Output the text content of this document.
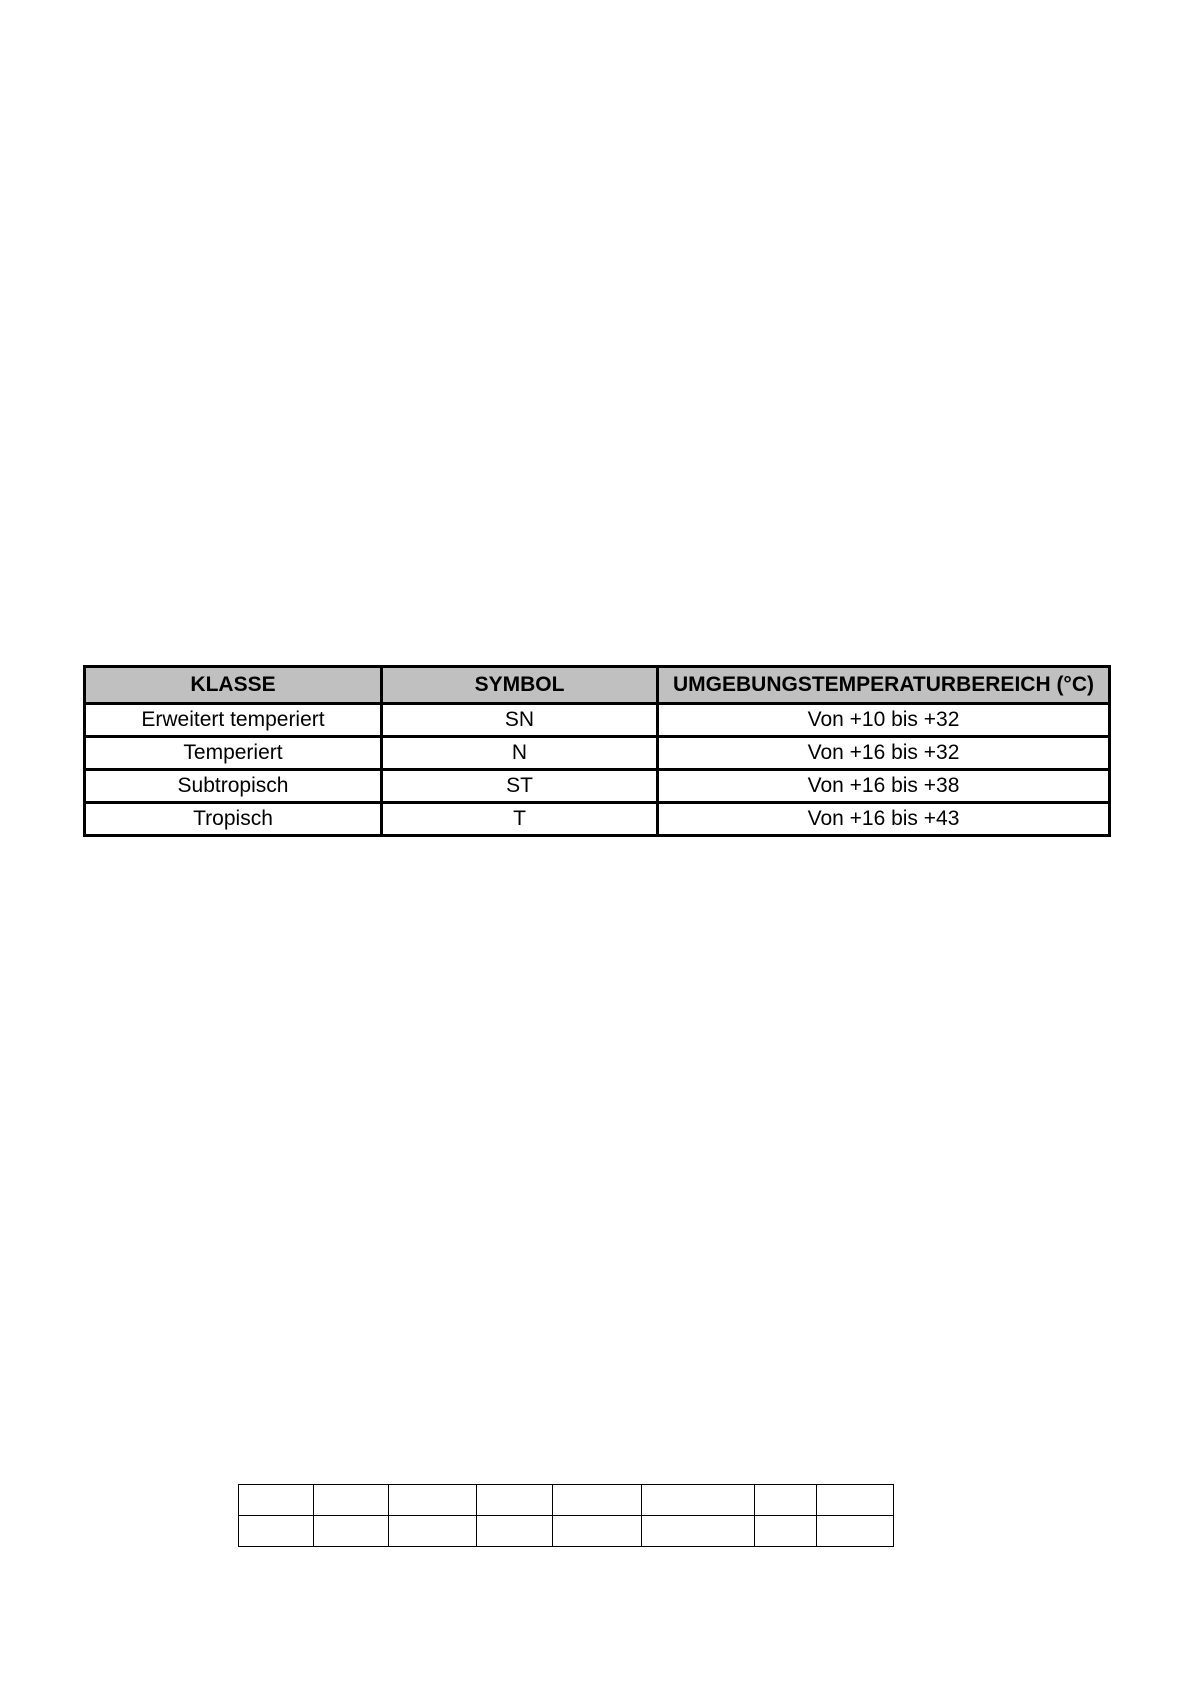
KLASSE	SYMBOL	UMGEBUNGSTEMPERATURBEREICH (°C)
Erweitert temperiert	SN	Von +10 bis +32
Temperiert	N	Von +16 bis +32
Subtropisch	ST	Von +16 bis +38
Tropisch	T	Von +16 bis +43
